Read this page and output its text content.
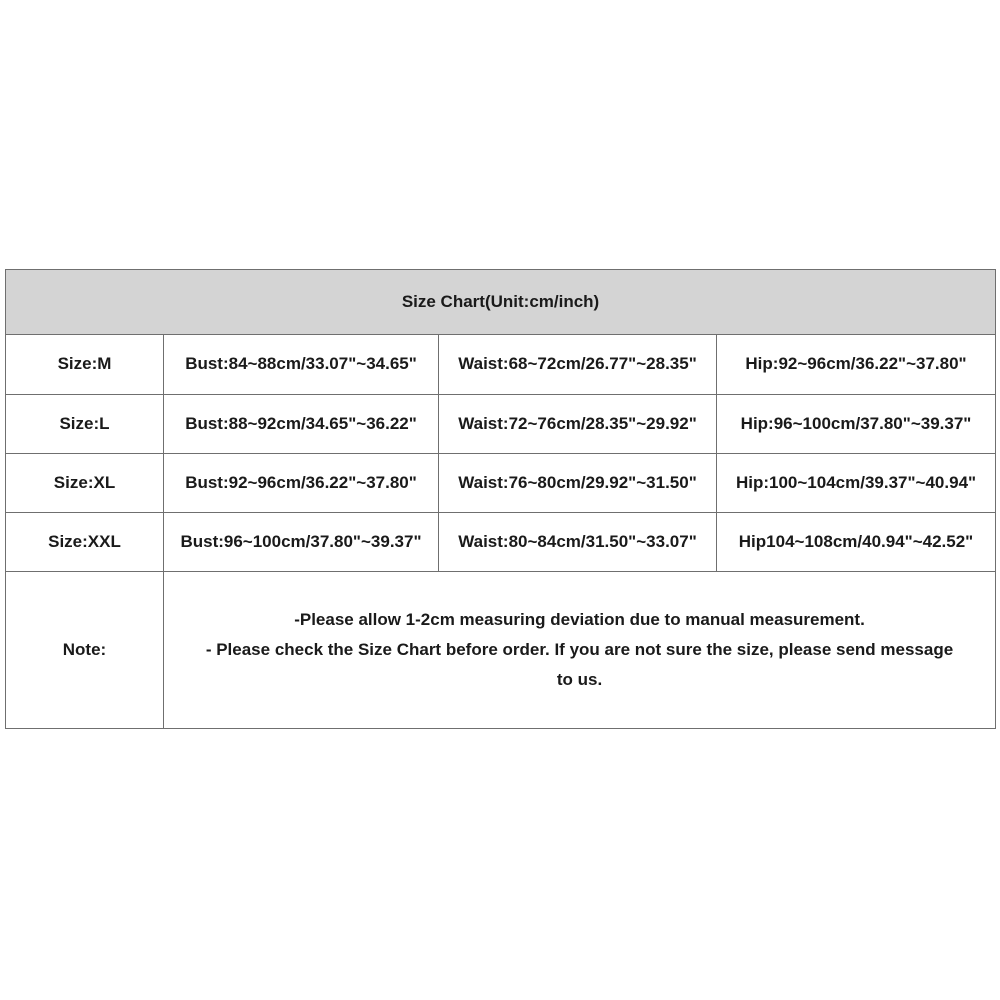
Size Chart(Unit:cm/inch)			
Size:M	Bust:84~88cm/33.07"~34.65"	Waist:68~72cm/26.77"~28.35"	Hip:92~96cm/36.22"~37.80"
Size:L	Bust:88~92cm/34.65"~36.22"	Waist:72~76cm/28.35"~29.92"	Hip:96~100cm/37.80"~39.37"
Size:XL	Bust:92~96cm/36.22"~37.80"	Waist:76~80cm/29.92"~31.50"	Hip:100~104cm/39.37"~40.94"
Size:XXL	Bust:96~100cm/37.80"~39.37"	Waist:80~84cm/31.50"~33.07"	Hip104~108cm/40.94"~42.52"
Note:	-Please allow 1-2cm measuring deviation due to manual measurement.
- Please check the Size Chart before order. If you are not sure the size, please send message to us.		
